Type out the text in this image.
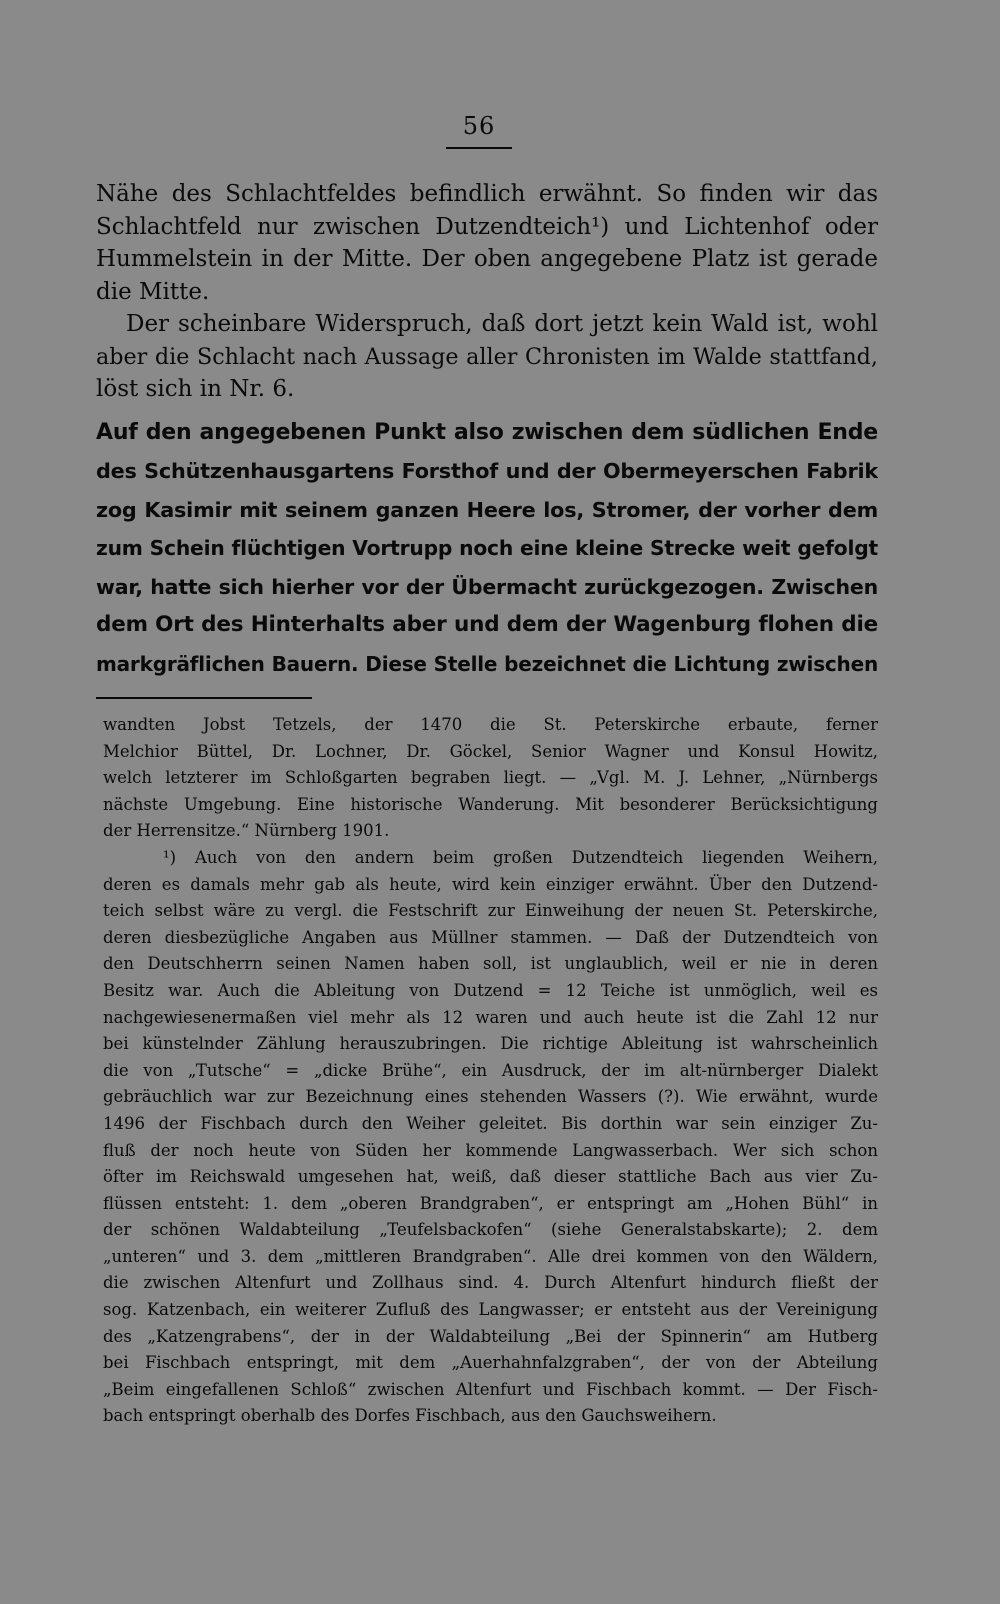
56
Nähe des Schlachtfeldes befindlich erwähnt. So finden wir das
Schlachtfeld nur zwischen Dutzendteich¹) und Lichtenhof oder
Hummelstein in der Mitte. Der oben angegebene Platz ist gerade
die Mitte.
Der scheinbare Widerspruch, daß dort jetzt kein Wald ist, wohl
aber die Schlacht nach Aussage aller Chronisten im Walde stattfand,
löst sich in Nr. 6.
Auf den angegebenen Punkt also zwischen dem südlichen Ende
des Schützenhausgartens Forsthof und der Obermeyerschen Fabrik
zog Kasimir mit seinem ganzen Heere los, Stromer, der vorher dem
zum Schein flüchtigen Vortrupp noch eine kleine Strecke weit gefolgt
war, hatte sich hierher vor der Übermacht zurückgezogen. Zwischen
dem Ort des Hinterhalts aber und dem der Wagenburg flohen die
markgräflichen Bauern. Diese Stelle bezeichnet die Lichtung zwischen
wandten Jobst Tetzels, der 1470 die St. Peterskirche erbaute, ferner
Melchior Büttel, Dr. Lochner, Dr. Göckel, Senior Wagner und Konsul Howitz,
welch letzterer im Schloßgarten begraben liegt. — „Vgl. M. J. Lehner, „Nürnbergs
nächste Umgebung. Eine historische Wanderung. Mit besonderer Berücksichtigung
der Herrensitze.“ Nürnberg 1901.
¹) Auch von den andern beim großen Dutzendteich liegenden Weihern,
deren es damals mehr gab als heute, wird kein einziger erwähnt. Über den Dutzend-
teich selbst wäre zu vergl. die Festschrift zur Einweihung der neuen St. Peterskirche,
deren diesbezügliche Angaben aus Müllner stammen. — Daß der Dutzendteich von
den Deutschherrn seinen Namen haben soll, ist unglaublich, weil er nie in deren
Besitz war. Auch die Ableitung von Dutzend = 12 Teiche ist unmöglich, weil es
nachgewiesenermaßen viel mehr als 12 waren und auch heute ist die Zahl 12 nur
bei künstelnder Zählung herauszubringen. Die richtige Ableitung ist wahrscheinlich
die von „Tutsche“ = „dicke Brühe“, ein Ausdruck, der im alt-nürnberger Dialekt
gebräuchlich war zur Bezeichnung eines stehenden Wassers (?). Wie erwähnt, wurde
1496 der Fischbach durch den Weiher geleitet. Bis dorthin war sein einziger Zu-
fluß der noch heute von Süden her kommende Langwasserbach. Wer sich schon
öfter im Reichswald umgesehen hat, weiß, daß dieser stattliche Bach aus vier Zu-
flüssen entsteht: 1. dem „oberen Brandgraben“, er entspringt am „Hohen Bühl“ in
der schönen Waldabteilung „Teufelsbackofen“ (siehe Generalstabskarte); 2. dem
„unteren“ und 3. dem „mittleren Brandgraben“. Alle drei kommen von den Wäldern,
die zwischen Altenfurt und Zollhaus sind. 4. Durch Altenfurt hindurch fließt der
sog. Katzenbach, ein weiterer Zufluß des Langwasser; er entsteht aus der Vereinigung
des „Katzengrabens“, der in der Waldabteilung „Bei der Spinnerin“ am Hutberg
bei Fischbach entspringt, mit dem „Auerhahnfalzgraben“, der von der Abteilung
„Beim eingefallenen Schloß“ zwischen Altenfurt und Fischbach kommt. — Der Fisch-
bach entspringt oberhalb des Dorfes Fischbach, aus den Gauchsweihern.
